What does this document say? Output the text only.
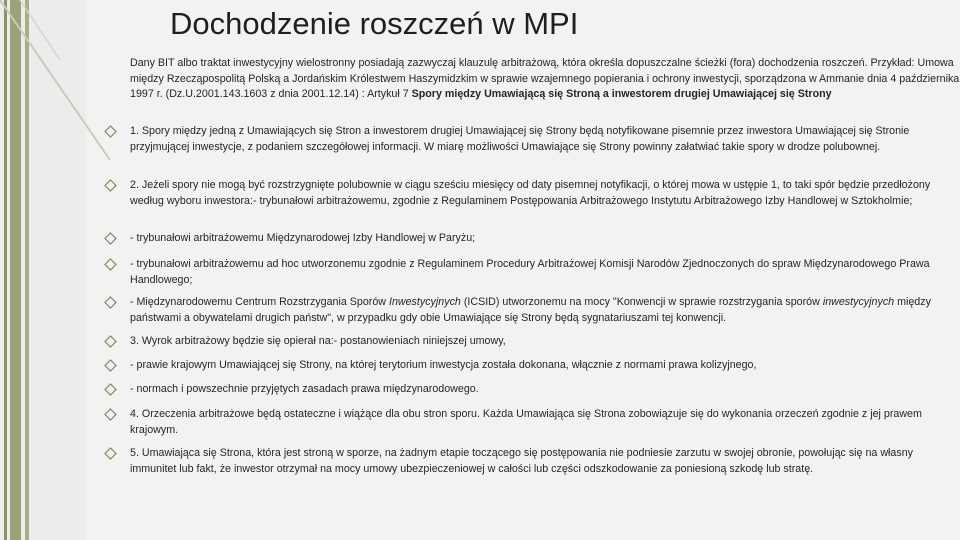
Dochodzenie roszczeń w MPI
Dany BIT albo traktat inwestycyjny wielostronny posiadają zazwyczaj klauzulę arbitrażową, która określa dopuszczalne ścieżki (fora) dochodzenia roszczeń. Przykład: Umowa między Rzecząpospolitą Polską a Jordańskim Królestwem Haszymidzkim w sprawie wzajemnego popierania i ochrony inwestycji, sporządzona w Ammanie dnia 4 października 1997 r. (Dz.U.2001.143.1603 z dnia 2001.12.14) : Artykuł 7 Spory między Umawiającą się Stroną a inwestorem drugiej Umawiającej się Strony
1. Spory między jedną z Umawiających się Stron a inwestorem drugiej Umawiającej się Strony będą notyfikowane pisemnie przez inwestora Umawiającej się Stronie przyjmującej inwestycje, z podaniem szczegółowej informacji. W miarę możliwości Umawiające się Strony powinny załatwiać takie spory w drodze polubownej.
2. Jeżeli spory nie mogą być rozstrzygnięte polubownie w ciągu sześciu miesięcy od daty pisemnej notyfikacji, o której mowa w ustępie 1, to taki spór będzie przedłożony według wyboru inwestora:- trybunałowi arbitrażowemu, zgodnie z Regulaminem Postępowania Arbitrażowego Instytutu Arbitrażowego Izby Handlowej w Sztokholmie;
- trybunałowi arbitrażowemu Międzynarodowej Izby Handlowej w Paryżu;
- trybunałowi arbitrażowemu ad hoc utworzonemu zgodnie z Regulaminem Procedury Arbitrażowej Komisji Narodów Zjednoczonych do spraw Międzynarodowego Prawa Handlowego;
- Międzynarodowemu Centrum Rozstrzygania Sporów Inwestycyjnych (ICSID) utworzonemu na mocy "Konwencji w sprawie rozstrzygania sporów inwestycyjnych między państwami a obywatelami drugich państw", w przypadku gdy obie Umawiające się Strony będą sygnatariuszami tej konwencji.
3. Wyrok arbitrażowy będzie się opierał na:- postanowieniach niniejszej umowy,
- prawie krajowym Umawiającej się Strony, na której terytorium inwestycja została dokonana, włącznie z normami prawa kolizyjnego,
- normach i powszechnie przyjętych zasadach prawa międzynarodowego.
4. Orzeczenia arbitrażowe będą ostateczne i wiążące dla obu stron sporu. Każda Umawiająca się Strona zobowiązuje się do wykonania orzeczeń zgodnie z jej prawem krajowym.
5. Umawiająca się Strona, która jest stroną w sporze, na żadnym etapie toczącego się postępowania nie podniesie zarzutu w swojej obronie, powołując się na własny immunitet lub fakt, że inwestor otrzymał na mocy umowy ubezpieczeniowej w całości lub części odszkodowanie za poniesioną szkodę lub stratę.
